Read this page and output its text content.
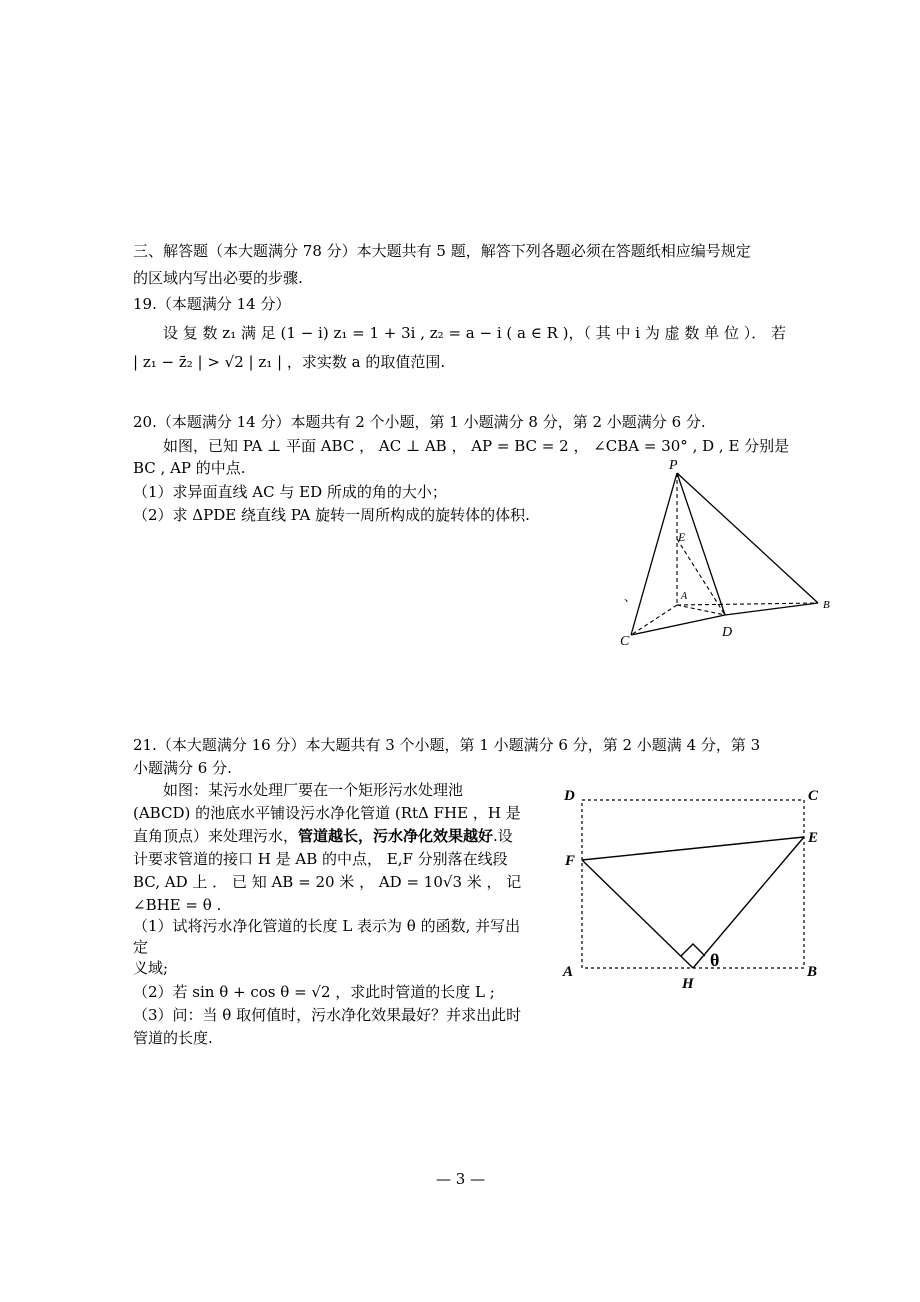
三、解答题（本大题满分 78 分）本大题共有 5 题，解答下列各题必须在答题纸相应编号规定
的区域内写出必要的步骤.
19.（本题满分 14 分）
设 复 数 z₁ 满 足 (1 − i) z₁ = 1 + 3i , z₂ = a − i ( a ∈ R )，（ 其 中 i 为 虚 数 单 位 ）． 若
| z₁ − z̄₂ | > √2 | z₁ | ，求实数 a 的取值范围.
20.（本题满分 14 分）本题共有 2 个小题，第 1 小题满分 8 分，第 2 小题满分 6 分.
如图，已知 PA ⊥ 平面 ABC ， AC ⊥ AB ， AP = BC = 2 ， ∠CBA = 30° , D , E 分别是
BC , AP 的中点.
（1）求异面直线 AC 与 ED 所成的角的大小；
（2）求 ΔPDE 绕直线 PA 旋转一周所构成的旋转体的体积.
P
E
A
B
C
D
、
21.（本大题满分 16 分）本大题共有 3 个小题，第 1 小题满分 6 分，第 2 小题满 4 分，第 3
小题满分 6 分.
如图：某污水处理厂要在一个矩形污水处理池
(ABCD) 的池底水平铺设污水净化管道 (RtΔ FHE ，H 是
直角顶点）来处理污水，管道越长，污水净化效果越好.设
计要求管道的接口 H 是 AB 的中点， E,F 分别落在线段
BC, AD 上 ． 已 知 AB = 20 米 ， AD = 10√3 米 ， 记
∠BHE = θ .
（1）试将污水净化管道的长度 L 表示为 θ 的函数, 并写出
定
义域;
（2）若 sin θ + cos θ = √2 ，求此时管道的长度 L ;
（3）问：当 θ 取何值时，污水净化效果最好？并求出此时
管道的长度.
D	C
E
F
A
H
B
θ
— 3 —
